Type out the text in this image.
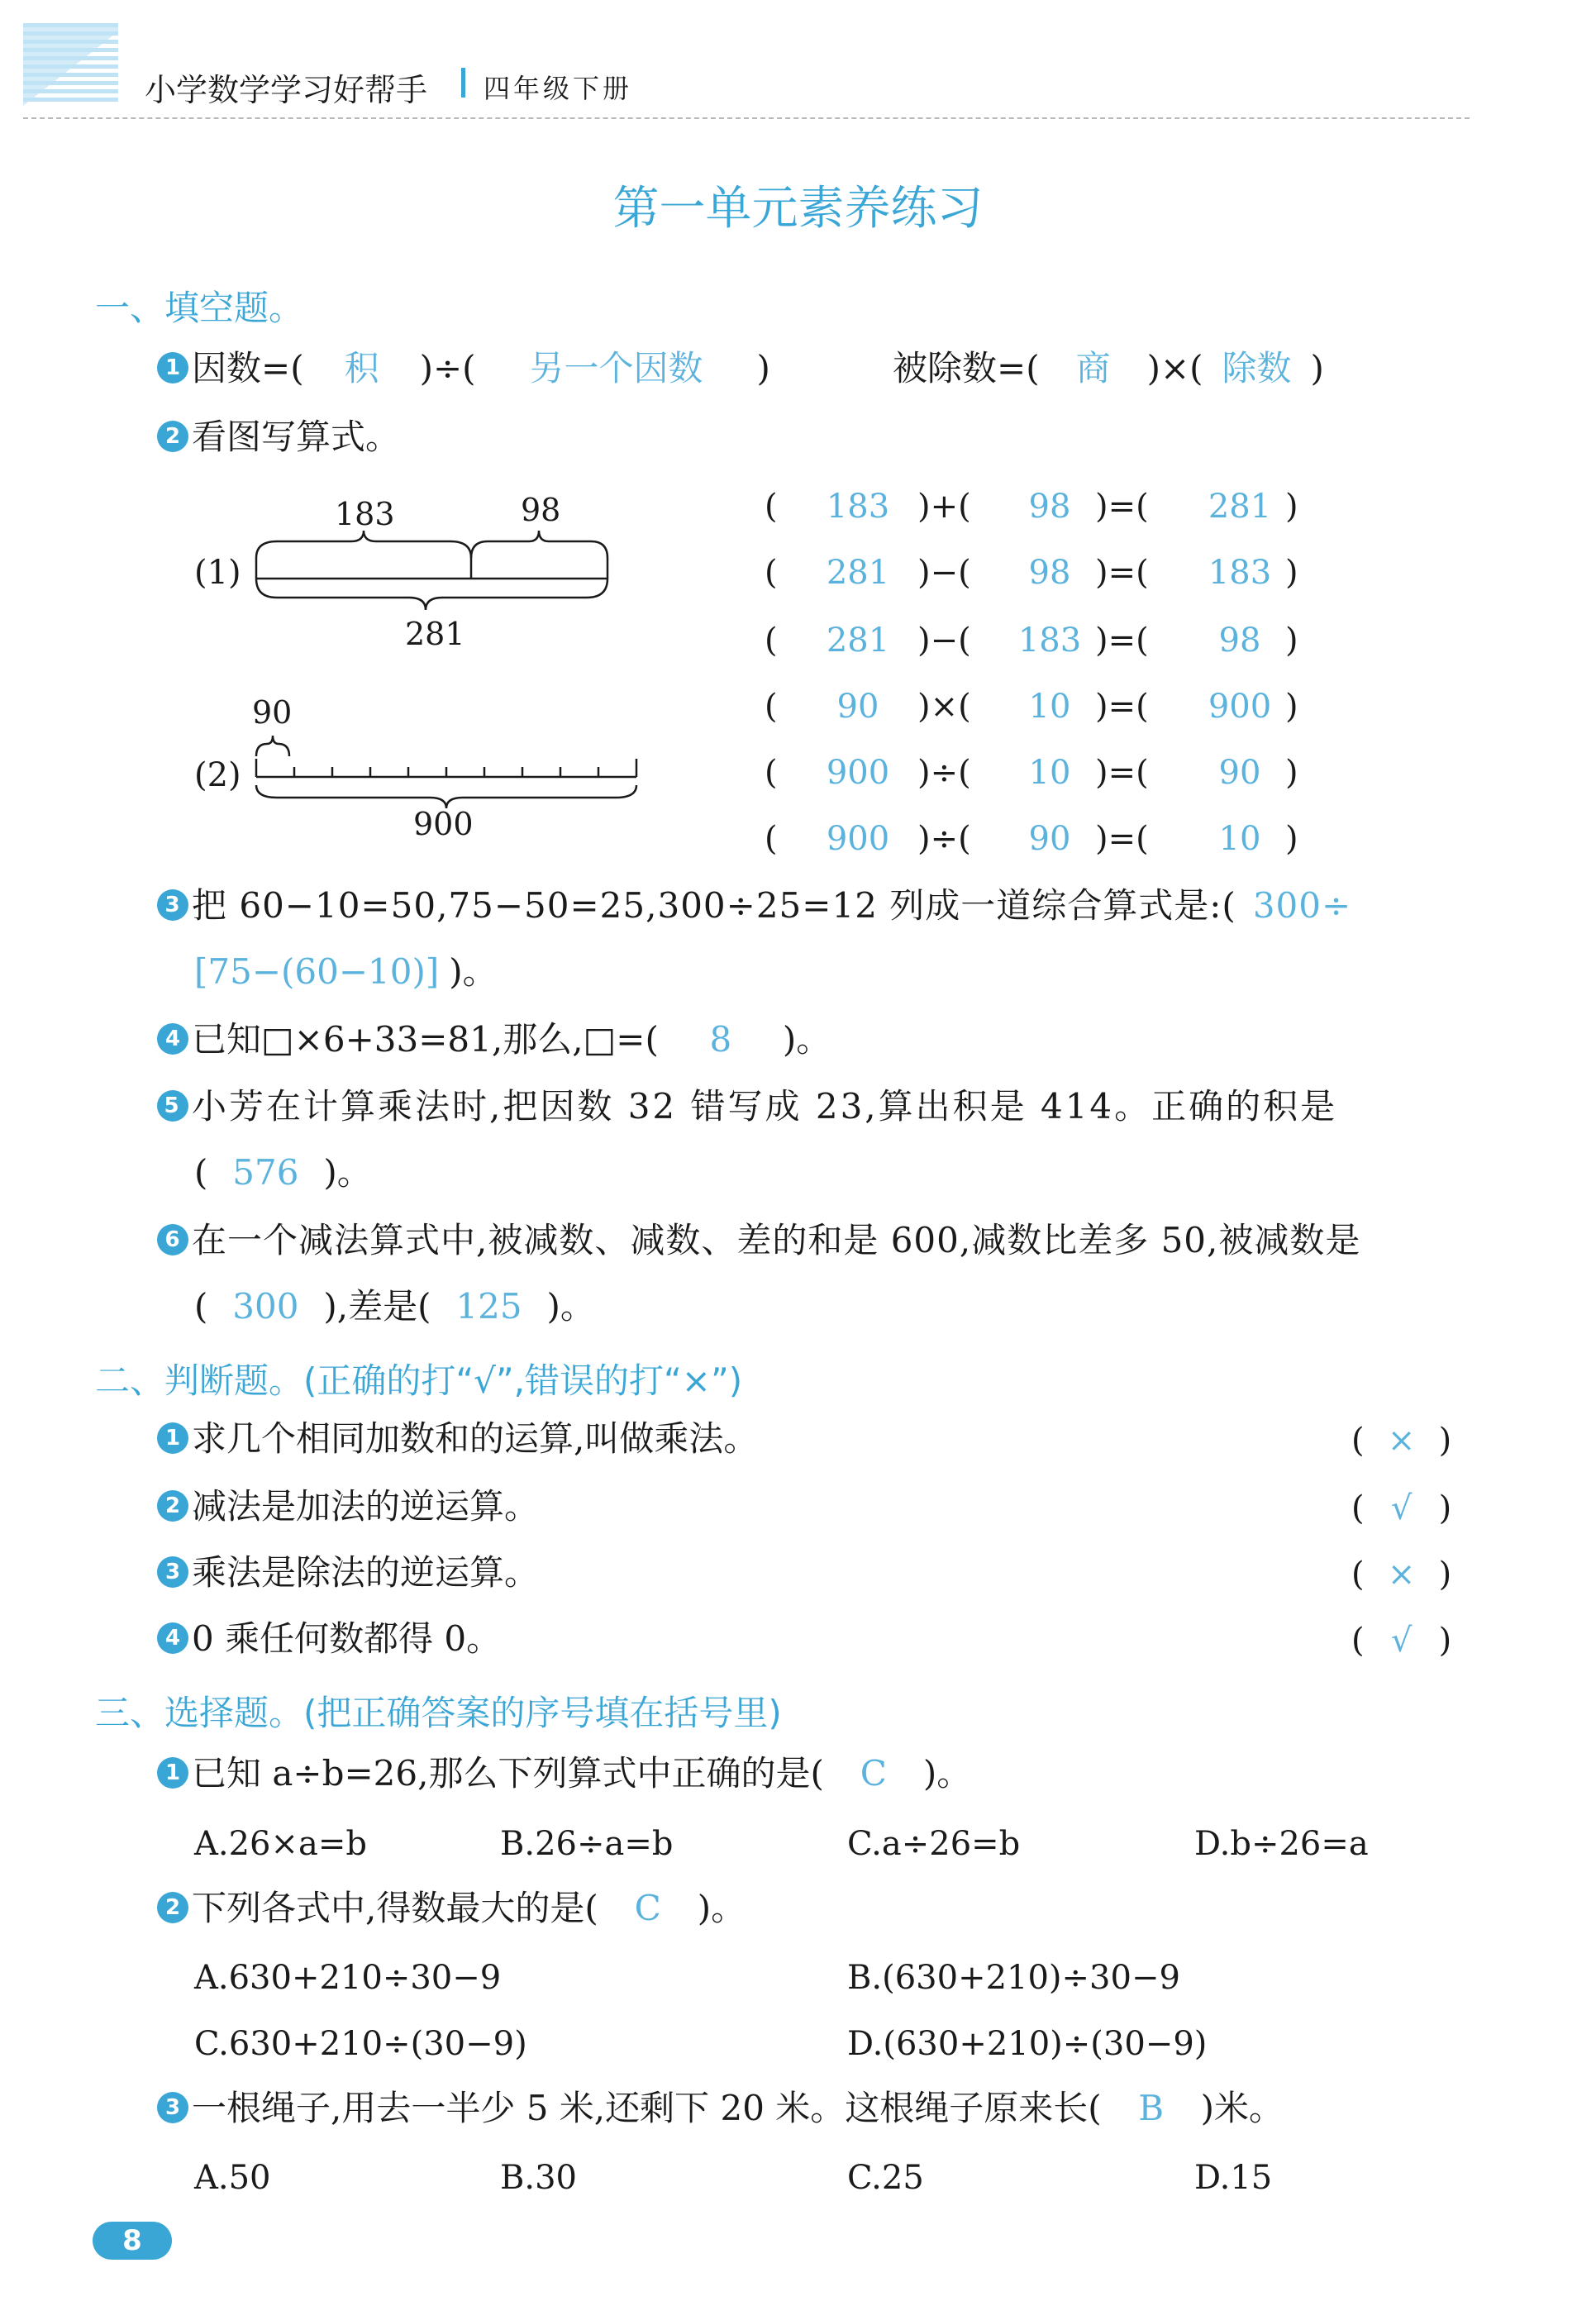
小学数学学习好帮手 四年级下册
第一单元素养练习
一、填空题。
1 因数=( 积 )÷( 另一个因数 )	被除数=( 商 )×( 除数 )
2 看图写算式。
(1)
183	98
281
(2)
90
900
(	183 )+(	98 )=(	281 )
(	281 )−(	98 )=(	183 )
(	281 )−(	183 )=(	98 )
(	90	)×(	10 )=(	900 )
(	900 )÷(	10 )=(	90 )
(	900 )÷(	90 )=(	10 )
3 把 60−10=50,75−50=25,300÷25=12 列成一道综合算式是:( 300÷
[75−(60−10)] )。
4 已知□×6+33=81,那么,□=( 8 )。
5 小芳在计算乘法时,把因数 32 错写成 23,算出积是 414。正确的积是
( 576 )。
6 在一个减法算式中,被减数、减数、差的和是 600,减数比差多 50,被减数是
( 300 ),差是( 125 )。
二、判断题。(正确的打“√”,错误的打“×”)
1 求几个相同加数和的运算,叫做乘法。	( × )
2 减法是加法的逆运算。	( √ )
3 乘法是除法的逆运算。	( × )
4 0 乘任何数都得 0。	( √ )
三、选择题。(把正确答案的序号填在括号里)
1 已知 a÷b=26,那么下列算式中正确的是( C )。
A.26×a=b	B.26÷a=b	C.a÷26=b	D.b÷26=a
2 下列各式中,得数最大的是( C )。
A.630+210÷30−9	B.(630+210)÷30−9
C.630+210÷(30−9)	D.(630+210)÷(30−9)
3 一根绳子,用去一半少 5 米,还剩下 20 米。这根绳子原来长( B )米。
A.50	B.30	C.25	D.15
8
